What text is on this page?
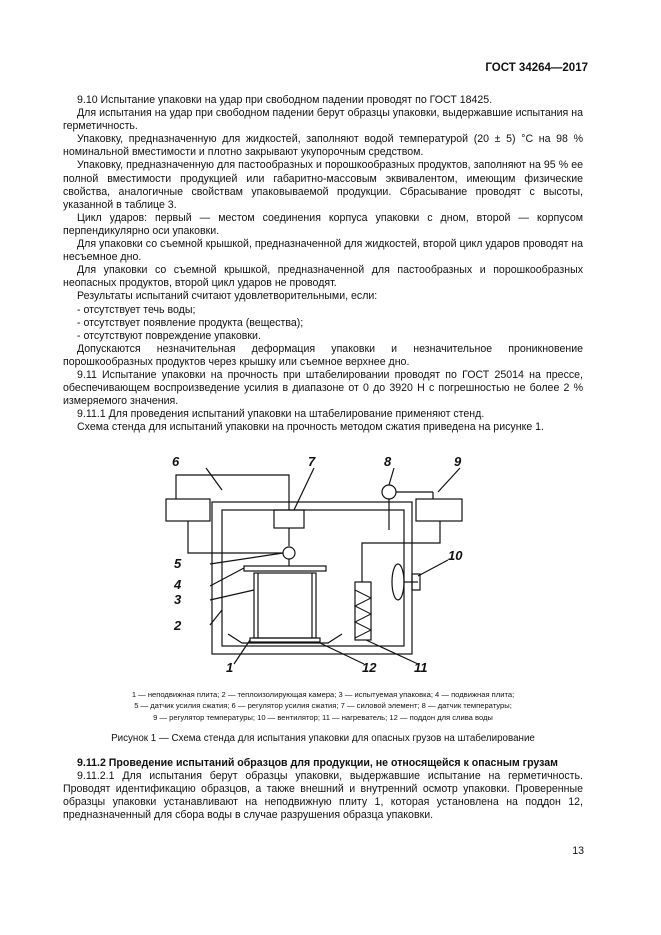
ГОСТ 34264—2017

9.10 Испытание упаковки на удар при свободном падении проводят по ГОСТ 18425.

Для испытания на удар при свободном падении берут образцы упаковки, выдержавшие испытания на герметичность.

Упаковку, предназначенную для жидкостей, заполняют водой температурой (20 ± 5) °С на 98 % номинальной вместимости и плотно закрывают укупорочным средством.

Упаковку, предназначенную для пастообразных и порошкообразных продуктов, заполняют на 95 % ее полной вместимости продукцией или габаритно-массовым эквивалентом, имеющим физические свойства, аналогичные свойствам упаковываемой продукции. Сбрасывание проводят с высоты, указанной в таблице 3.

Цикл ударов: первый — местом соединения корпуса упаковки с дном, второй — корпусом перпендикулярно оси упаковки.

Для упаковки со съемной крышкой, предназначенной для жидкостей, второй цикл ударов проводят на несъемное дно.

Для упаковки со съемной крышкой, предназначенной для пастообразных и порошкообразных неопасных продуктов, второй цикл ударов не проводят.

Результаты испытаний считают удовлетворительными, если:

- отсутствует течь воды;

- отсутствует появление продукта (вещества);

- отсутствуют повреждение упаковки.

Допускаются незначительная деформация упаковки и незначительное проникновение порошкообразных продуктов через крышку или съемное верхнее дно.

9.11 Испытание упаковки на прочность при штабелировании проводят по ГОСТ 25014 на прессе, обеспечивающем воспроизведение усилия в диапазоне от 0 до 3920 Н с погрешностью не более 2 % измеряемого значения.

9.11.1 Для проведения испытаний упаковки на штабелирование применяют стенд.

Схема стенда для испытаний упаковки на прочность методом сжатия приведена на рисунке 1.

6	7	8	9
5
4
3
2
10
1	12	11
1 — неподвижная плита; 2 — теплоизолирующая камера; 3 — испытуемая упаковка; 4 — подвижная плита;
5 — датчик усилия сжатия; 6 — регулятор усилия сжатия; 7 — силовой элемент; 8 — датчик температуры;
9 — регулятор температуры; 10 — вентилятор; 11 — нагреватель; 12 — поддон для слива воды
Рисунок 1 — Схема стенда для испытания упаковки для опасных грузов на штабелирование

9.11.2 Проведение испытаний образцов для продукции, не относящейся к опасным грузам

9.11.2.1 Для испытания берут образцы упаковки, выдержавшие испытание на герметичность. Проводят идентификацию образцов, а также внешний и внутренний осмотр упаковки. Проверенные образцы упаковки устанавливают на неподвижную плиту 1, которая установлена на поддон 12, предназначенный для сбора воды в случае разрушения образца упаковки.

13
